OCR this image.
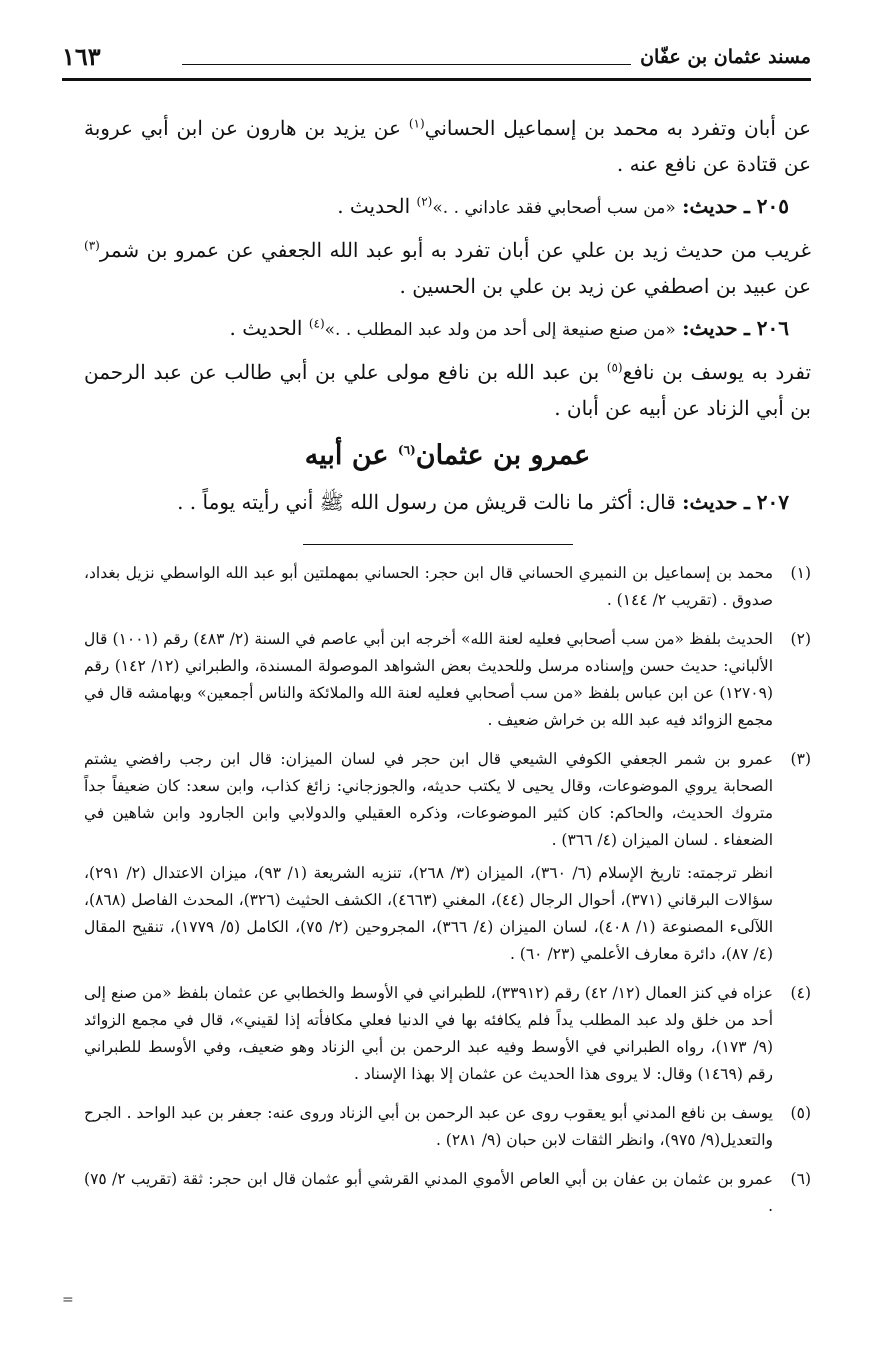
مسند عثمان بن عفّان
١٦٣

عن أبان وتفرد به محمد بن إسماعيل الحساني$^{(١)}$ عن يزيد بن هارون عن ابن أبي عروبة عن قتادة عن نافع عنه .

٢٠٥ ـ حديث: «من سب أصحابي فقد عاداني . .»$^{(٢)}$ الحديث .

غريب من حديث زيد بن علي عن أبان تفرد به أبو عبد الله الجعفي عن عمرو بن شمر$^{(٣)}$ عن عبيد بن اصطفي عن زيد بن علي بن الحسين .

٢٠٦ ـ حديث: «من صنع صنيعة إلى أحد من ولد عبد المطلب . .»$^{(٤)}$ الحديث .

تفرد به يوسف بن نافع$^{(٥)}$ بن عبد الله بن نافع مولى علي بن أبي طالب عن عبد الرحمن بن أبي الزناد عن أبيه عن أبان .

عمرو بن عثمان$^{(٦)}$ عن أبيه

٢٠٧ ـ حديث: قال: أكثر ما نالت قريش من رسول الله ﷺ أني رأيته يوماً . .

(١)

محمد بن إسماعيل بن النميري الحساني قال ابن حجر: الحساني بمهملتين أبو عبد الله الواسطي نزيل بغداد، صدوق . (تقريب ٢/ ١٤٤) .

(٢)

الحديث بلفظ «من سب أصحابي فعليه لعنة الله» أخرجه ابن أبي عاصم في السنة (٢/ ٤٨٣) رقم (١٠٠١) قال الألباني: حديث حسن وإسناده مرسل وللحديث بعض الشواهد الموصولة المسندة، والطبراني (١٢/ ١٤٢) رقم (١٢٧٠٩) عن ابن عباس بلفظ «من سب أصحابي فعليه لعنة الله والملائكة والناس أجمعين» وبهامشه قال في مجمع الزوائد فيه عبد الله بن خراش ضعيف .

(٣)

عمرو بن شمر الجعفي الكوفي الشيعي قال ابن حجر في لسان الميزان: قال ابن رجب رافضي يشتم الصحابة يروي الموضوعات، وقال يحيى لا يكتب حديثه، والجوزجاني: زائغ كذاب، وابن سعد: كان ضعيفاً جداً متروك الحديث، والحاكم: كان كثير الموضوعات، وذكره العقيلي والدولابي وابن الجارود وابن شاهين في الضعفاء . لسان الميزان (٤/ ٣٦٦) .

انظر ترجمته: تاريخ الإسلام (٦/ ٣٦٠)، الميزان (٣/ ٢٦٨)، تنزيه الشريعة (١/ ٩٣)، ميزان الاعتدال (٢/ ٢٩١)، سؤالات البرقاني (٣٧١)، أحوال الرجال (٤٤)، المغني (٤٦٦٣)، الكشف الحثيث (٣٢٦)، المحدث الفاصل (٨٦٨)، اللآلىء المصنوعة (١/ ٤٠٨)، لسان الميزان (٤/ ٣٦٦)، المجروحين (٢/ ٧٥)، الكامل (٥/ ١٧٧٩)، تنقيح المقال (٤/ ٨٧)، دائرة معارف الأعلمي (٢٣/ ٦٠) .

(٤)

عزاه في كنز العمال (١٢/ ٤٢) رقم (٣٣٩١٢)، للطبراني في الأوسط والخطابي عن عثمان بلفظ «من صنع إلى أحد من خلق ولد عبد المطلب يداً فلم يكافئه بها في الدنيا فعلي مكافأته إذا لقيني»، قال في مجمع الزوائد (٩/ ١٧٣)، رواه الطبراني في الأوسط وفيه عبد الرحمن بن أبي الزناد وهو ضعيف، وفي الأوسط للطبراني رقم (١٤٦٩) وقال: لا يروى هذا الحديث عن عثمان إلا بهذا الإسناد .

(٥)

يوسف بن نافع المدني أبو يعقوب روى عن عبد الرحمن بن أبي الزناد وروى عنه: جعفر بن عبد الواحد . الجرح والتعديل(٩/ ٩٧٥)، وانظر الثقات لابن حبان (٩/ ٢٨١) .

(٦)

عمرو بن عثمان بن عفان بن أبي العاص الأموي المدني القرشي أبو عثمان قال ابن حجر: ثقة (تقريب ٢/ ٧٥) .

=
